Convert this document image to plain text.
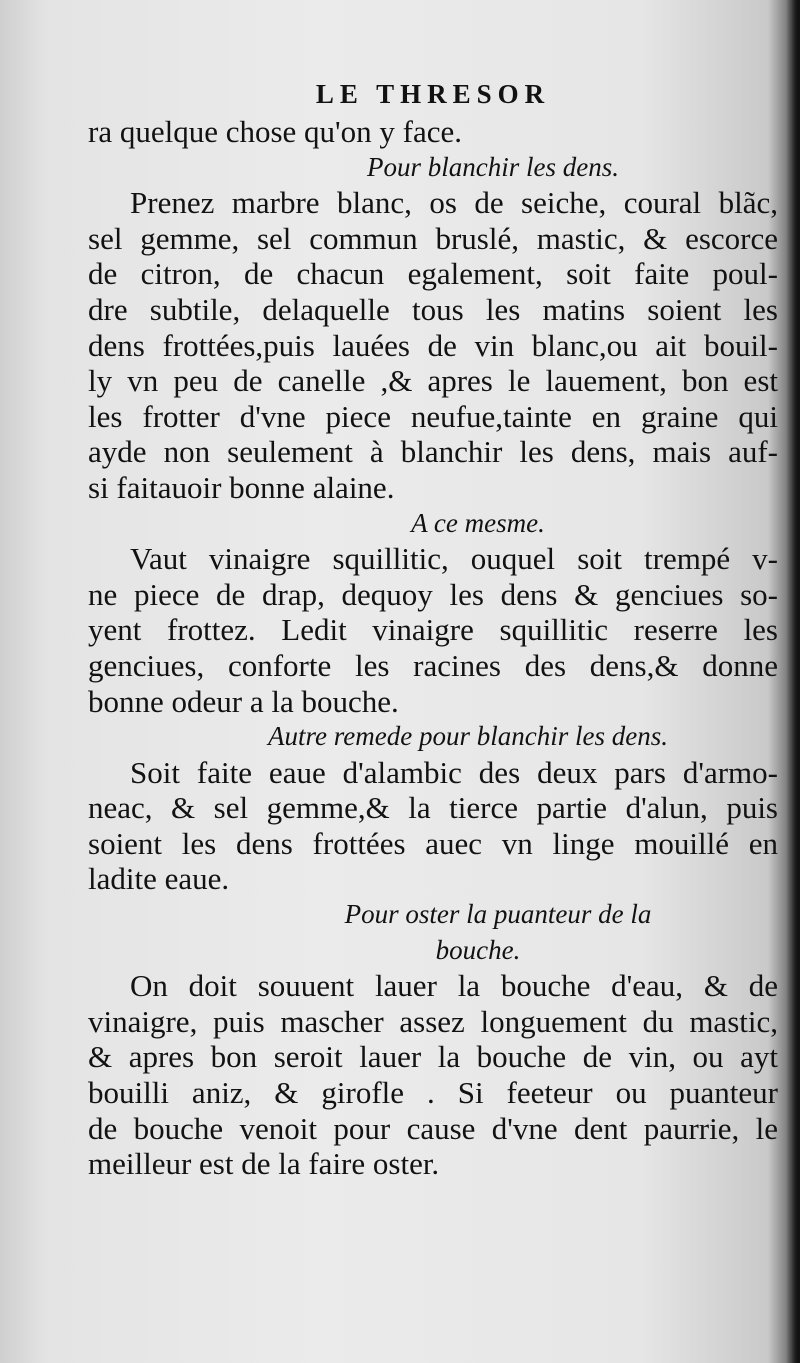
LE THRESOR
ra quelque chose qu'on y face.
Pour blanchir les dens.
Prenez marbre blanc, os de seiche, coural blãc,
sel gemme, sel commun bruslé, mastic, & escorce
de citron, de chacun egalement, soit faite poul-
dre subtile, delaquelle tous les matins soient les
dens frottées,puis lauées de vin blanc,ou ait bouil-
ly vn peu de canelle ,& apres le lauement, bon est
les frotter d'vne piece neufue,tainte en graine qui
ayde non seulement à blanchir les dens, mais auf-
si faitauoir bonne alaine.
A ce mesme.
Vaut vinaigre squillitic, ouquel soit trempé v-
ne piece de drap, dequoy les dens & genciues so-
yent frottez. Ledit vinaigre squillitic reserre les
genciues, conforte les racines des dens,& donne
bonne odeur a la bouche.
Autre remede pour blanchir les dens.
Soit faite eaue d'alambic des deux pars d'armo-
neac, & sel gemme,& la tierce partie d'alun, puis
soient les dens frottées auec vn linge mouillé en
ladite eaue.
Pour oster la puanteur de la
bouche.
On doit souuent lauer la bouche d'eau, & de
vinaigre, puis mascher assez longuement du mastic,
& apres bon seroit lauer la bouche de vin, ou ayt
bouilli aniz, & girofle . Si feeteur ou puanteur
de bouche venoit pour cause d'vne dent paurrie, le
meilleur est de la faire oster.
